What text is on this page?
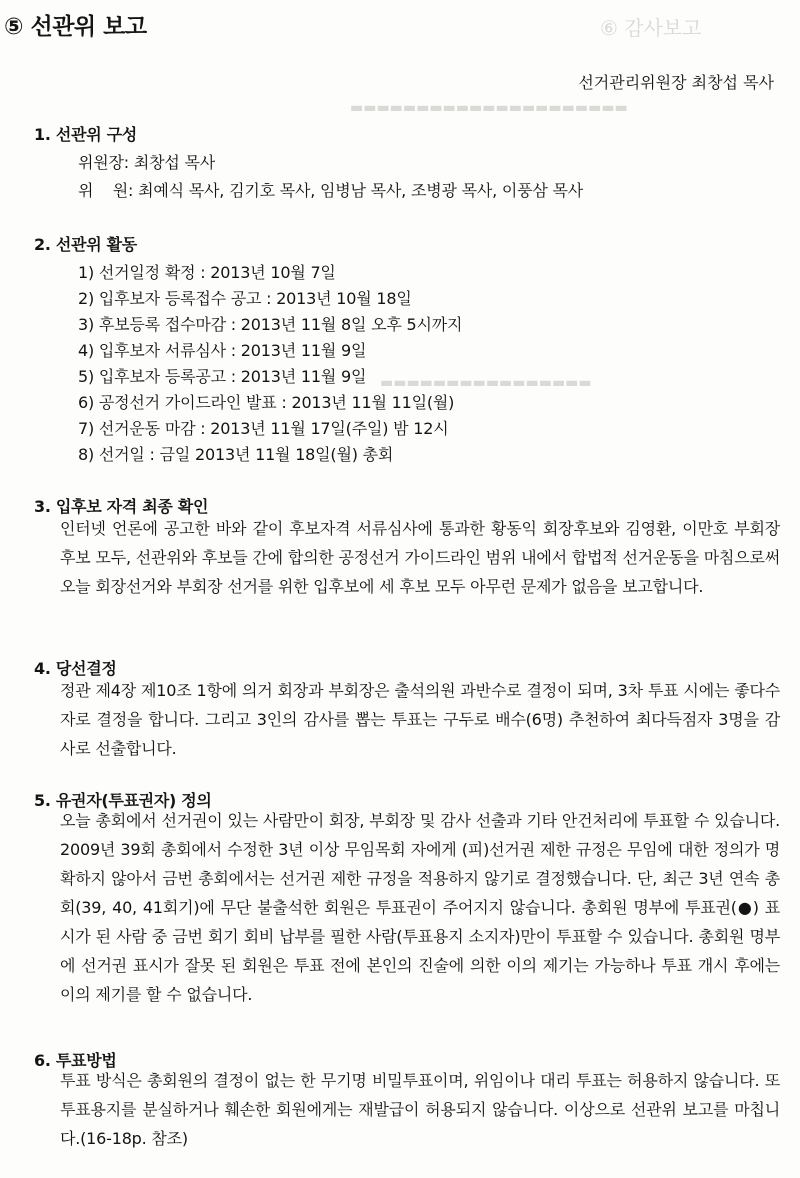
⑥ 감사보고
▬▬▬▬▬▬▬▬▬▬▬▬▬▬▬▬▬▬▬▬▬
▬▬▬▬▬▬▬▬▬▬▬▬▬▬▬▬
⑤ 선관위 보고
선거관리위원장 최창섭 목사
1. 선관위 구성
위원장: 최창섭 목사
위    원: 최예식 목사, 김기호 목사, 임병남 목사, 조병광 목사, 이풍삼 목사
2. 선관위 활동
1) 선거일정 확정 : 2013년 10월 7일
2) 입후보자 등록접수 공고 : 2013년 10월 18일
3) 후보등록 접수마감 : 2013년 11월 8일 오후 5시까지
4) 입후보자 서류심사 : 2013년 11월 9일
5) 입후보자 등록공고 : 2013년 11월 9일
6) 공정선거 가이드라인 발표 : 2013년 11월 11일(월)
7) 선거운동 마감 : 2013년 11월 17일(주일) 밤 12시
8) 선거일 : 금일 2013년 11월 18일(월) 총회
3. 입후보 자격 최종 확인
인터넷 언론에 공고한 바와 같이 후보자격 서류심사에 통과한 황동익 회장후보와 김영환, 이만호 부회장 후보 모두, 선관위와 후보들 간에 합의한 공정선거 가이드라인 범위 내에서 합법적 선거운동을 마침으로써 오늘 회장선거와 부회장 선거를 위한 입후보에 세 후보 모두 아무런 문제가 없음을 보고합니다.
4. 당선결정
정관 제4장 제10조 1항에 의거 회장과 부회장은 출석의원 과반수로 결정이 되며, 3차 투표 시에는 좋다수자로 결정을 합니다. 그리고 3인의 감사를 뽑는 투표는 구두로 배수(6명) 추천하여 최다득점자 3명을 감사로 선출합니다.
5. 유권자(투표권자) 정의
오늘 총회에서 선거권이 있는 사람만이 회장, 부회장 및 감사 선출과 기타 안건처리에 투표할 수 있습니다. 2009년 39회 총회에서 수정한 3년 이상 무임목회 자에게 (피)선거권 제한 규정은 무임에 대한 정의가 명확하지 않아서 금번 총회에서는 선거권 제한 규정을 적용하지 않기로 결정했습니다. 단, 최근 3년 연속 총회(39, 40, 41회기)에 무단 불출석한 회원은 투표권이 주어지지 않습니다. 총회원 명부에 투표권(●) 표시가 된 사람 중 금번 회기 회비 납부를 필한 사람(투표용지 소지자)만이 투표할 수 있습니다. 총회원 명부에 선거권 표시가 잘못 된 회원은 투표 전에 본인의 진술에 의한 이의 제기는 가능하나 투표 개시 후에는 이의 제기를 할 수 없습니다.
6. 투표방법
투표 방식은 총회원의 결정이 없는 한 무기명 비밀투표이며, 위임이나 대리 투표는 허용하지 않습니다. 또 투표용지를 분실하거나 훼손한 회원에게는 재발급이 허용되지 않습니다. 이상으로 선관위 보고를 마칩니다.(16-18p. 참조)
